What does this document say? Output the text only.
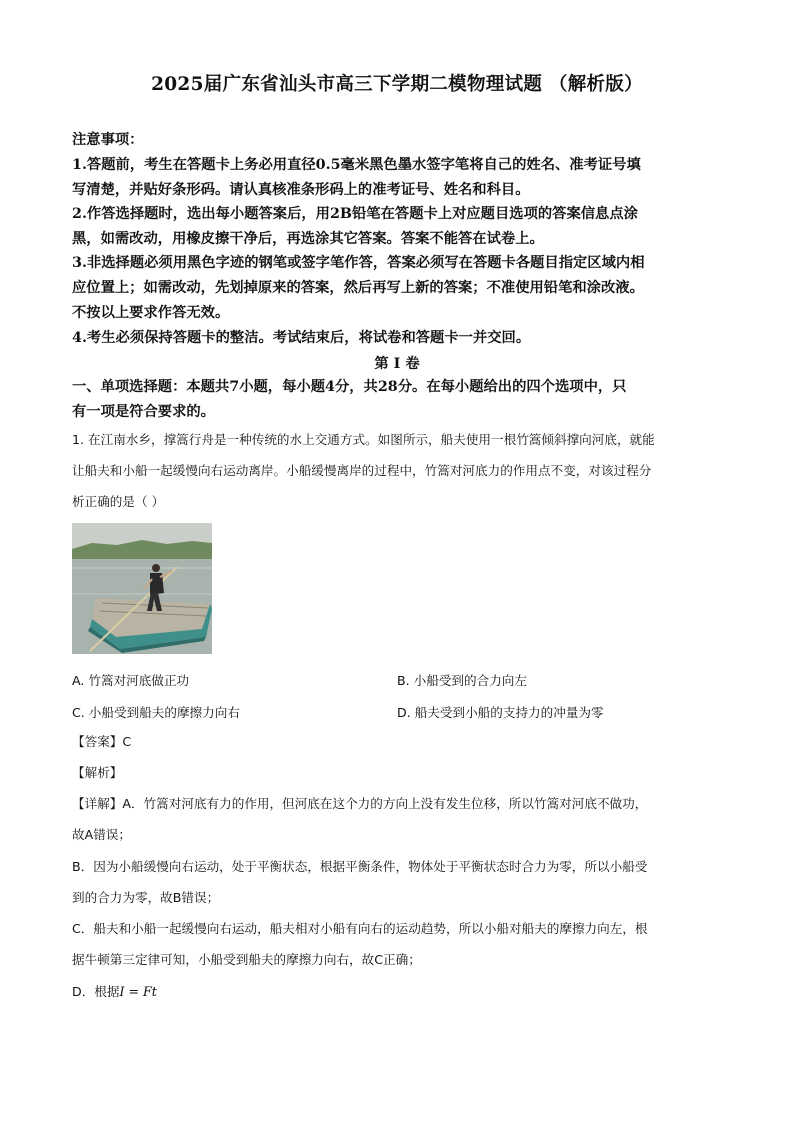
2025届广东省汕头市高三下学期二模物理试题 （解析版）
注意事项：
1.答题前，考生在答题卡上务必用直径0.5毫米黑色墨水签字笔将自己的姓名、准考证号填
写清楚，并贴好条形码。请认真核准条形码上的准考证号、姓名和科目。
2.作答选择题时，选出每小题答案后，用2B铅笔在答题卡上对应题目选项的答案信息点涂
黑，如需改动，用橡皮擦干净后，再选涂其它答案。答案不能答在试卷上。
3.非选择题必须用黑色字迹的钢笔或签字笔作答，答案必须写在答题卡各题目指定区域内相
应位置上；如需改动，先划掉原来的答案，然后再写上新的答案；不准使用铅笔和涂改液。
不按以上要求作答无效。
4.考生必须保持答题卡的整洁。考试结束后，将试卷和答题卡一并交回。
第 I 卷
一、单项选择题：本题共7小题，每小题4分，共28分。在每小题给出的四个选项中，只
有一项是符合要求的。
1. 在江南水乡，撑篙行舟是一种传统的水上交通方式。如图所示，船夫使用一根竹篙倾斜撑向河底，就能
让船夫和小船一起缓慢向右运动离岸。小船缓慢离岸的过程中，竹篙对河底力的作用点不变，对该过程分
析正确的是（ ）
A. 竹篙对河底做正功	B. 小船受到的合力向左
C. 小船受到船夫的摩擦力向右	D. 船夫受到小船的支持力的冲量为零
【答案】C
【解析】
【详解】A．竹篙对河底有力的作用，但河底在这个力的方向上没有发生位移，所以竹篙对河底不做功，
故A错误；
B．因为小船缓慢向右运动，处于平衡状态，根据平衡条件，物体处于平衡状态时合力为零，所以小船受
到的合力为零，故B错误；
C．船夫和小船一起缓慢向右运动，船夫相对小船有向右的运动趋势，所以小船对船夫的摩擦力向左，根
据牛顿第三定律可知，小船受到船夫的摩擦力向右，故C正确；
D．根据I = Ft
